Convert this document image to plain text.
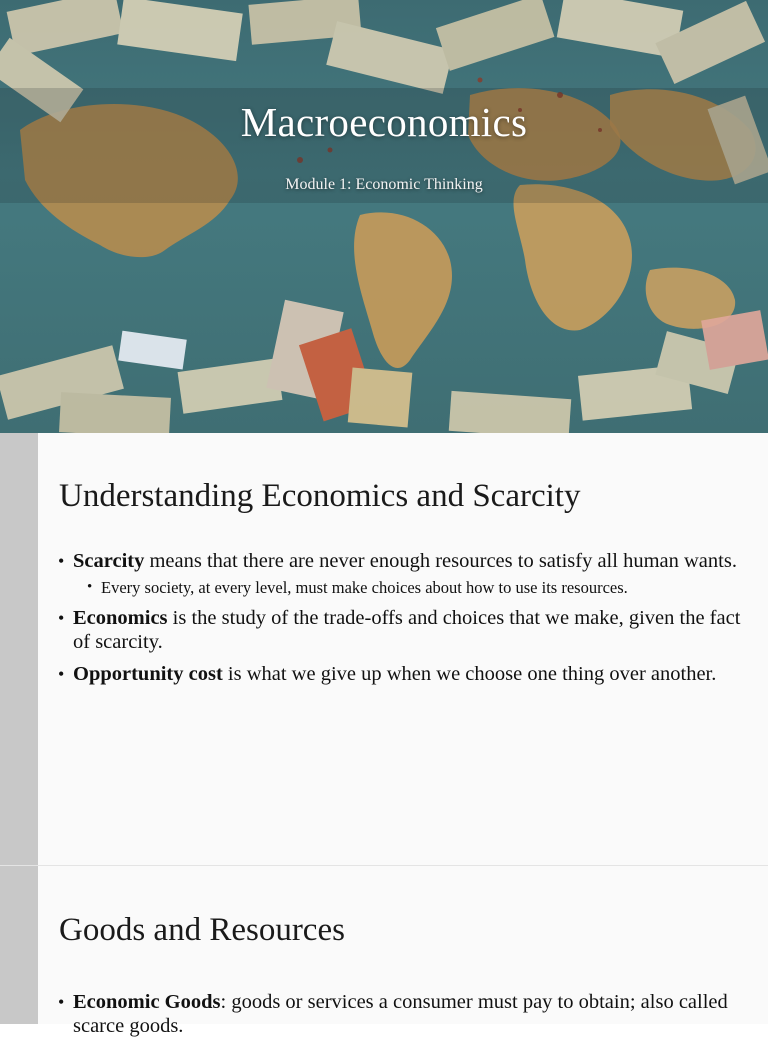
Macroeconomics
Module 1: Economic Thinking
Understanding Economics and Scarcity
• Scarcity means that there are never enough resources to satisfy all human wants.
• Every society, at every level, must make choices about how to use its resources.
• Economics is the study of the trade-offs and choices that we make, given the fact of scarcity.
• Opportunity cost is what we give up when we choose one thing over another.
Goods and Resources
• Economic Goods: goods or services a consumer must pay to obtain; also called scarce goods.
